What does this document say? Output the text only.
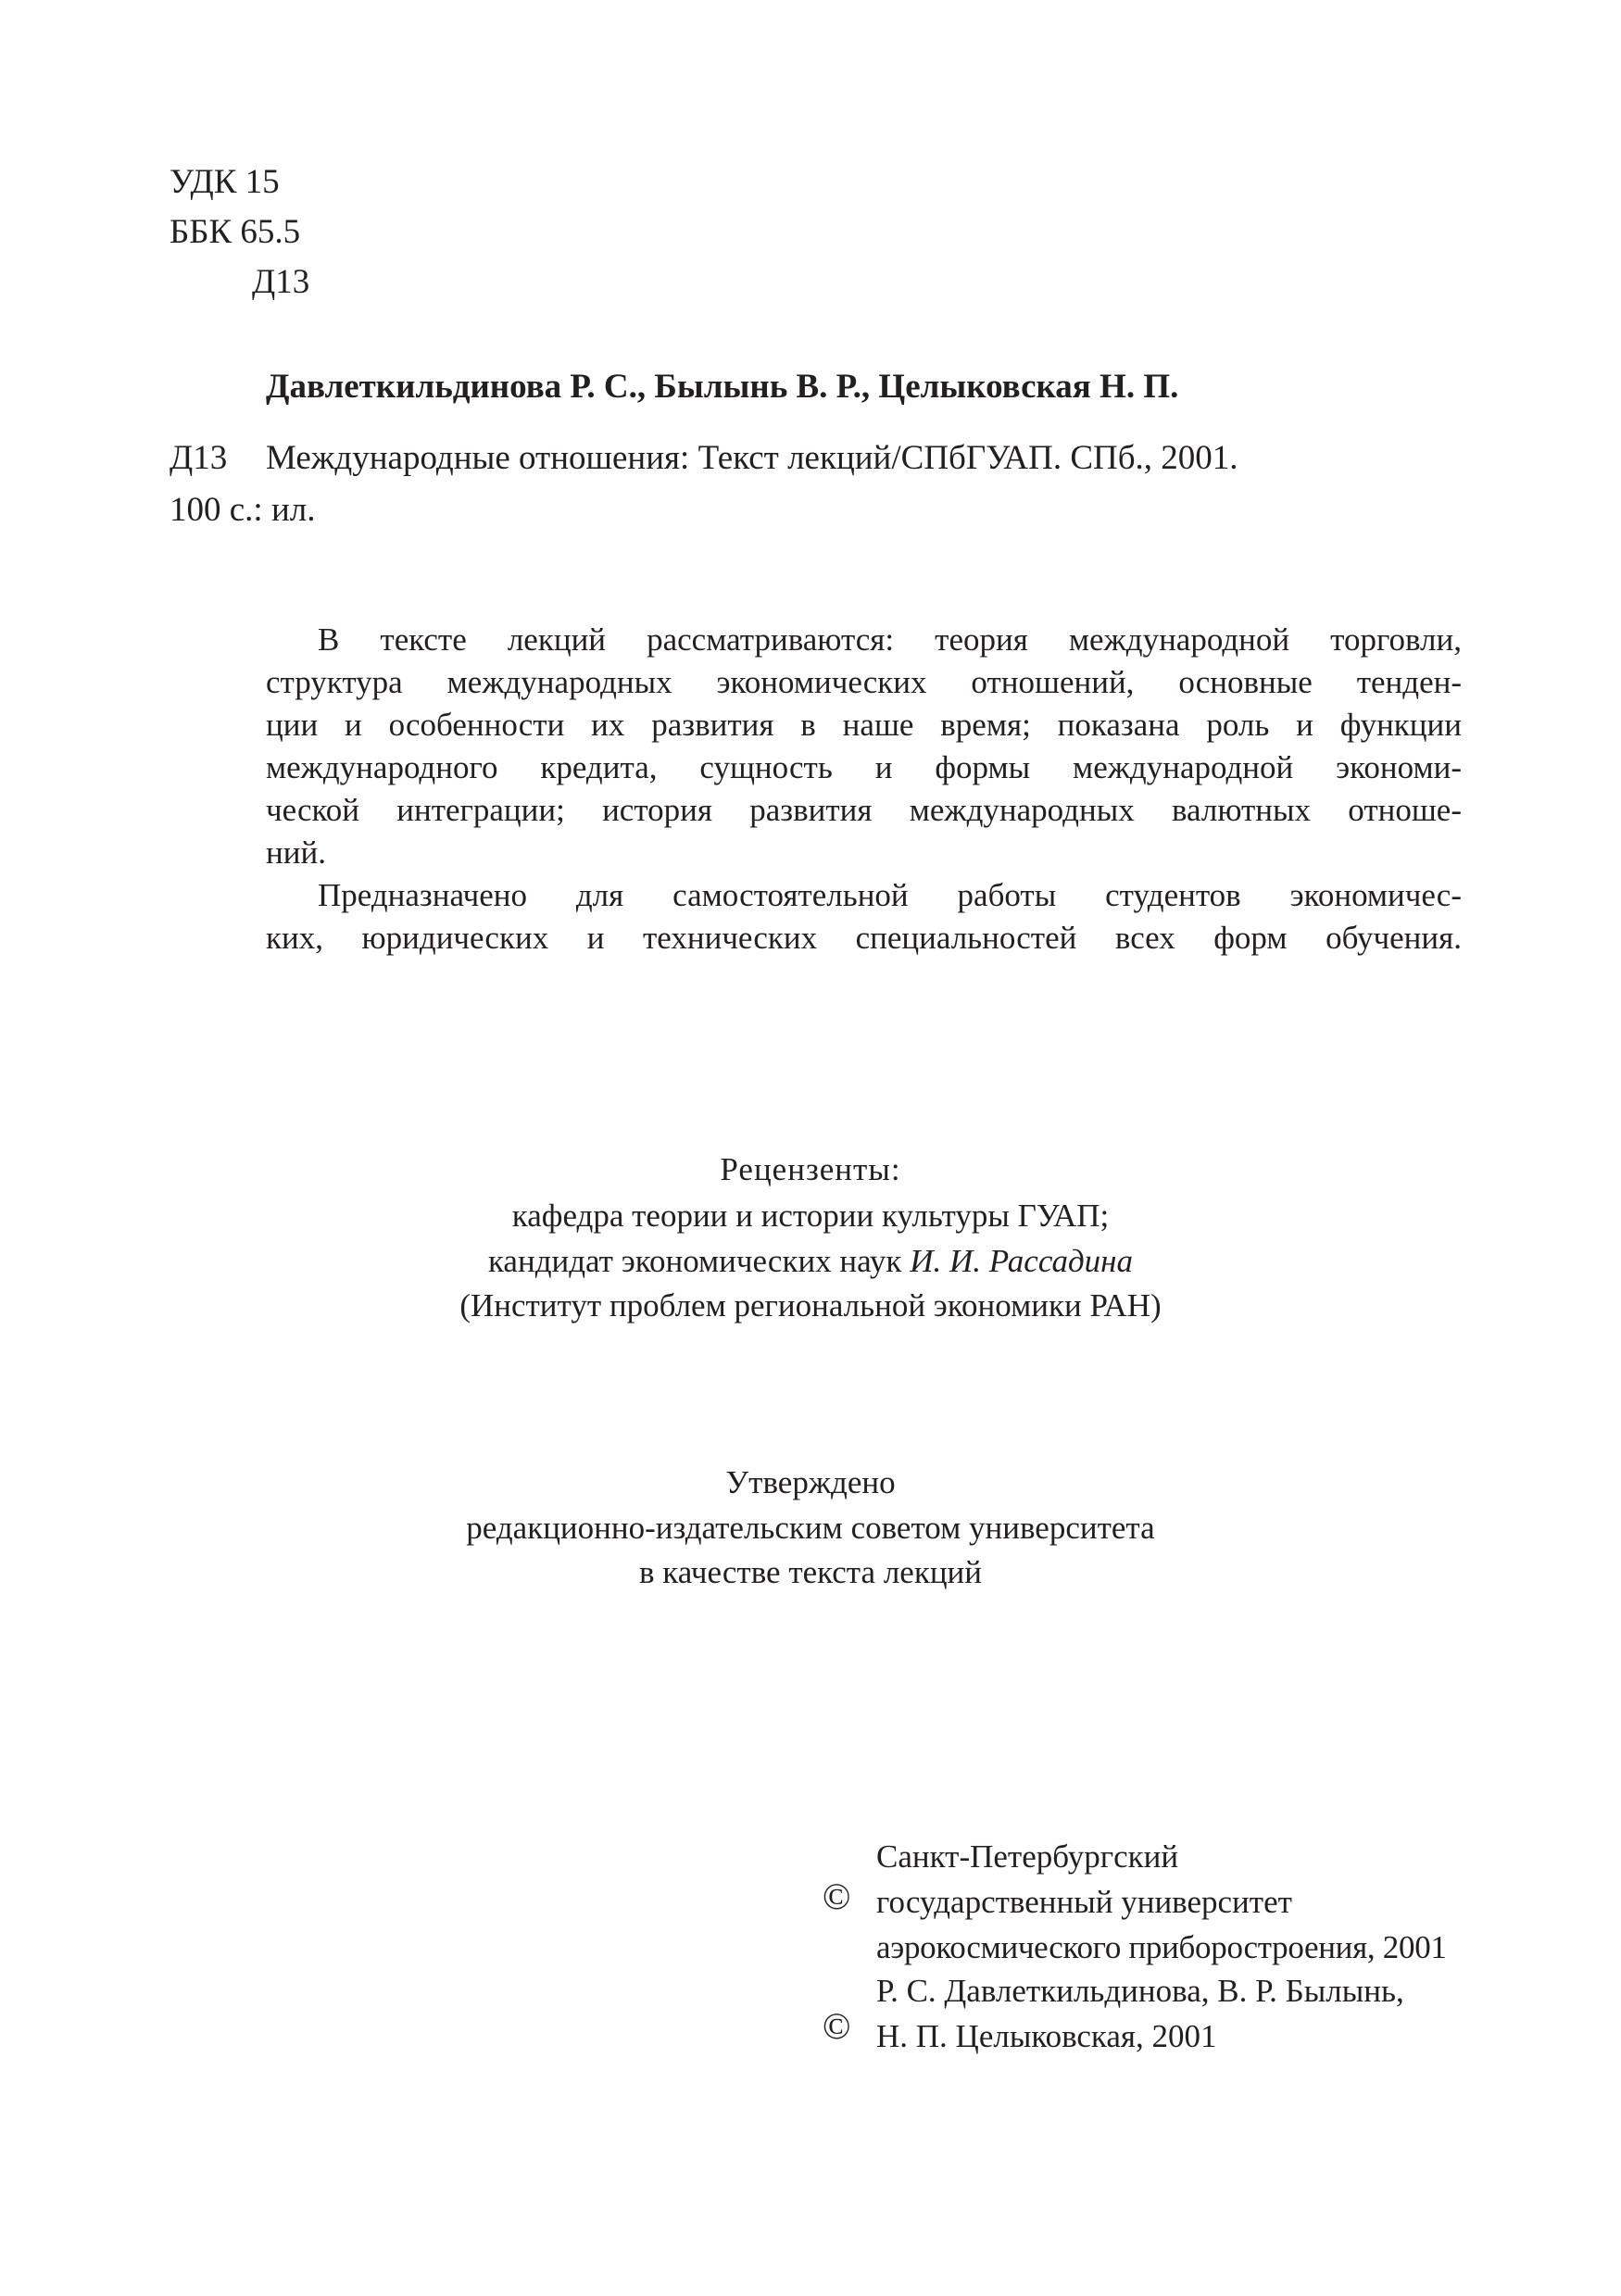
УДК 15
ББК 65.5
Д13
Давлеткильдинова Р. С., Былынь В. Р., Целыковская Н. П.
Д13 Международные отношения: Текст лекций/СПбГУАП. СПб., 2001.
100 с.: ил.
В тексте лекций рассматриваются: теория международной торговли,
структура международных экономических отношений, основные тенден-
ции и особенности их развития в наше время; показана роль и функции
международного кредита, сущность и формы международной экономи-
ческой интеграции; история развития международных валютных отноше-
ний.
Предназначено для самостоятельной работы студентов экономичес-
ких, юридических и технических специальностей всех форм обучения.
Рецензенты:
кафедра теории и истории культуры ГУАП;
кандидат экономических наук И. И. Рассадина
(Институт проблем региональной экономики РАН)
Утверждено
редакционно-издательским советом университета
в качестве текста лекций
©
Санкт-Петербургский
государственный университет
аэрокосмического приборостроения, 2001
©
Р. С. Давлеткильдинова, В. Р. Былынь,
Н. П. Целыковская, 2001
